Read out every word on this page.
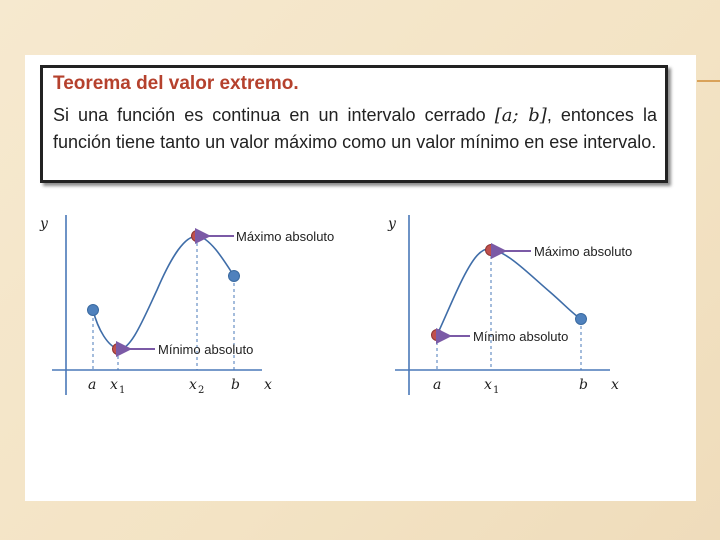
Teorema del valor extremo.

Si una función es continua en un intervalo cerrado [a; b], entonces la función tiene tanto un valor máximo como un valor mínimo en ese intervalo.

y
Máximo absoluto
Mínimo absoluto
a x 1	x 2 b x
y
Máximo absoluto
Mínimo absoluto
a	x 1	b x
